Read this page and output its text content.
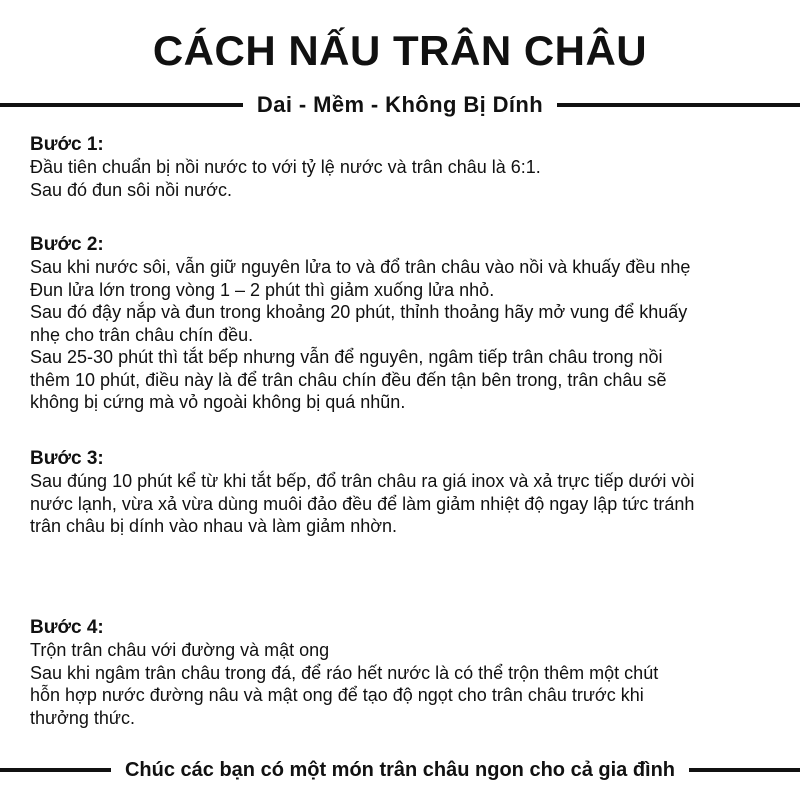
CÁCH NẤU TRÂN CHÂU
Dai - Mềm - Không Bị Dính

Bước 1:

Đầu tiên chuẩn bị nồi nước to với tỷ lệ nước và trân châu là 6:1.

Sau đó đun sôi nồi nước.

Bước 2:

Sau khi nước sôi, vẫn giữ nguyên lửa to và đổ trân châu vào nồi và khuấy đều nhẹ

Đun lửa lớn trong vòng 1 – 2 phút thì giảm xuống lửa nhỏ.

Sau đó đậy nắp và đun trong khoảng 20 phút, thỉnh thoảng hãy mở vung để khuấy

nhẹ cho trân châu chín đều.

Sau 25-30 phút thì tắt bếp nhưng vẫn để nguyên, ngâm tiếp trân châu trong nồi

thêm 10 phút, điều này là để trân châu chín đều đến tận bên trong, trân châu sẽ

không bị cứng mà vỏ ngoài không bị quá nhũn.

Bước 3:

Sau đúng 10 phút kể từ khi tắt bếp, đổ trân châu ra giá inox và xả trực tiếp dưới vòi

nước lạnh, vừa xả vừa dùng muôi đảo đều để làm giảm nhiệt độ ngay lập tức tránh

trân châu bị dính vào nhau và làm giảm nhờn.

Bước 4:

Trộn trân châu với đường và mật ong

Sau khi ngâm trân châu trong đá, để ráo hết nước là có thể trộn thêm một chút

hỗn hợp nước đường nâu và mật ong để tạo độ ngọt cho trân châu trước khi

thưởng thức.

Chúc các bạn có một món trân châu ngon cho cả gia đình
